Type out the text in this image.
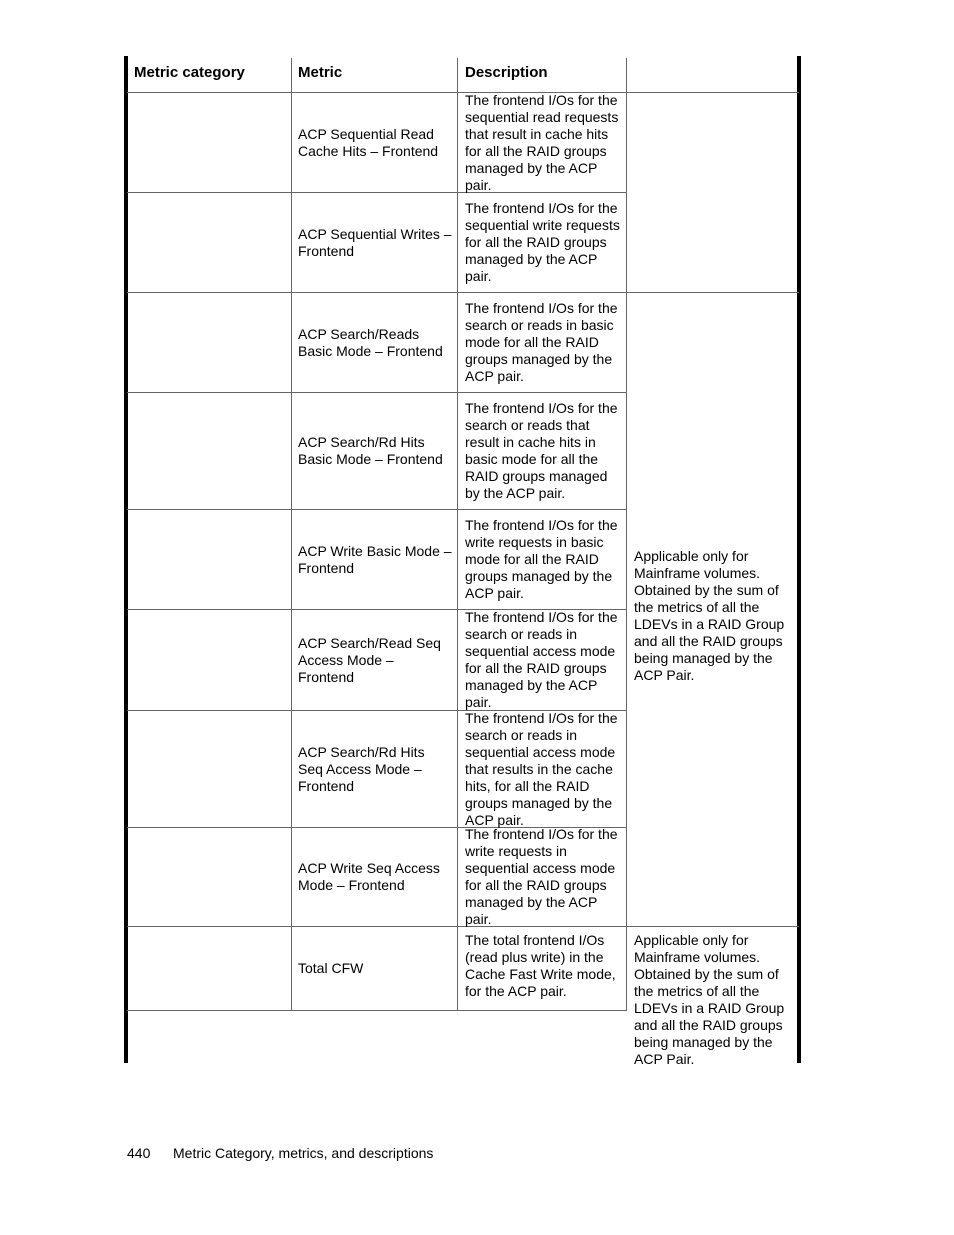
Metric category	Metric	Description
ACP Sequential Read Cache Hits – Frontend
The frontend I/Os for the sequential read requests that result in cache hits for all the RAID groups managed by the ACP pair.
ACP Sequential Writes – Frontend
The frontend I/Os for the sequential write requests for all the RAID groups managed by the ACP pair.
ACP Search/Reads Basic Mode – Frontend
The frontend I/Os for the search or reads in basic mode for all the RAID groups managed by the ACP pair.
ACP Search/Rd Hits Basic Mode – Frontend
The frontend I/Os for the search or reads that result in cache hits in basic mode for all the RAID groups managed by the ACP pair.
ACP Write Basic Mode – Frontend
The frontend I/Os for the write requests in basic mode for all the RAID groups managed by the ACP pair.
ACP Search/Read Seq Access Mode – Frontend
The frontend I/Os for the search or reads in sequential access mode for all the RAID groups managed by the ACP pair.
ACP Search/Rd Hits Seq Access Mode – Frontend
The frontend I/Os for the search or reads in sequential access mode that results in the cache hits, for all the RAID groups managed by the ACP pair.
ACP Write Seq Access Mode – Frontend
The frontend I/Os for the write requests in sequential access mode for all the RAID groups managed by the ACP pair.
Total CFW
The total frontend I/Os (read plus write) in the Cache Fast Write mode, for the ACP pair.
Applicable only for Mainframe volumes. Obtained by the sum of the metrics of all the LDEVs in a RAID Group and all the RAID groups being managed by the ACP Pair.
Applicable only for Mainframe volumes. Obtained by the sum of the metrics of all the LDEVs in a RAID Group and all the RAID groups being managed by the ACP Pair.
440 Metric Category, metrics, and descriptions
